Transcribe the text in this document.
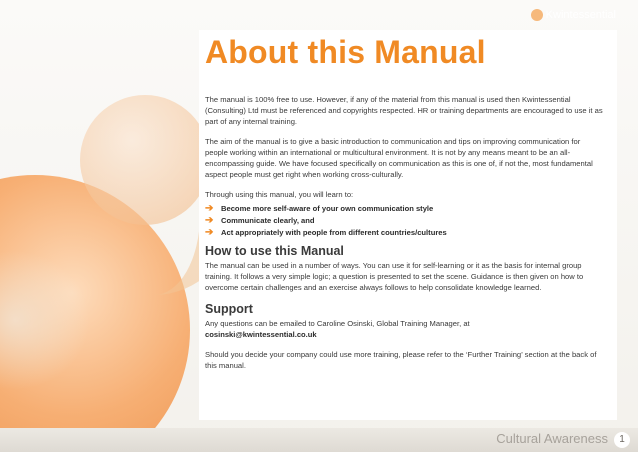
Kwintessential
About this Manual

The manual is 100% free to use. However, if any of the material from this manual is used then Kwintessential (Consulting) Ltd must be referenced and copyrights respected. HR or training departments are encouraged to use it as part of any internal training.

The aim of the manual is to give a basic introduction to communication and tips on improving communication for people working within an international or multicultural environment. It is not by any means meant to be an all-encompassing guide. We have focused specifically on communication as this is one of, if not the, most fundamental aspect people must get right when working cross-culturally.

Through using this manual, you will learn to:

➔	Become more self-aware of your own communication style
➔	Communicate clearly, and
➔	Act appropriately with people from different countries/cultures
How to use this Manual

The manual can be used in a number of ways. You can use it for self-learning or it as the basis for internal group training. It follows a very simple logic; a question is presented to set the scene. Guidance is then given on how to overcome certain challenges and an exercise always follows to help consolidate knowledge learned.

Support

Any questions can be emailed to Caroline Osinski, Global Training Manager, at

cosinski@kwintessential.co.uk

Should you decide your company could use more training, please refer to the ‘Further Training’ section at the back of this manual.

Cultural Awareness	1
